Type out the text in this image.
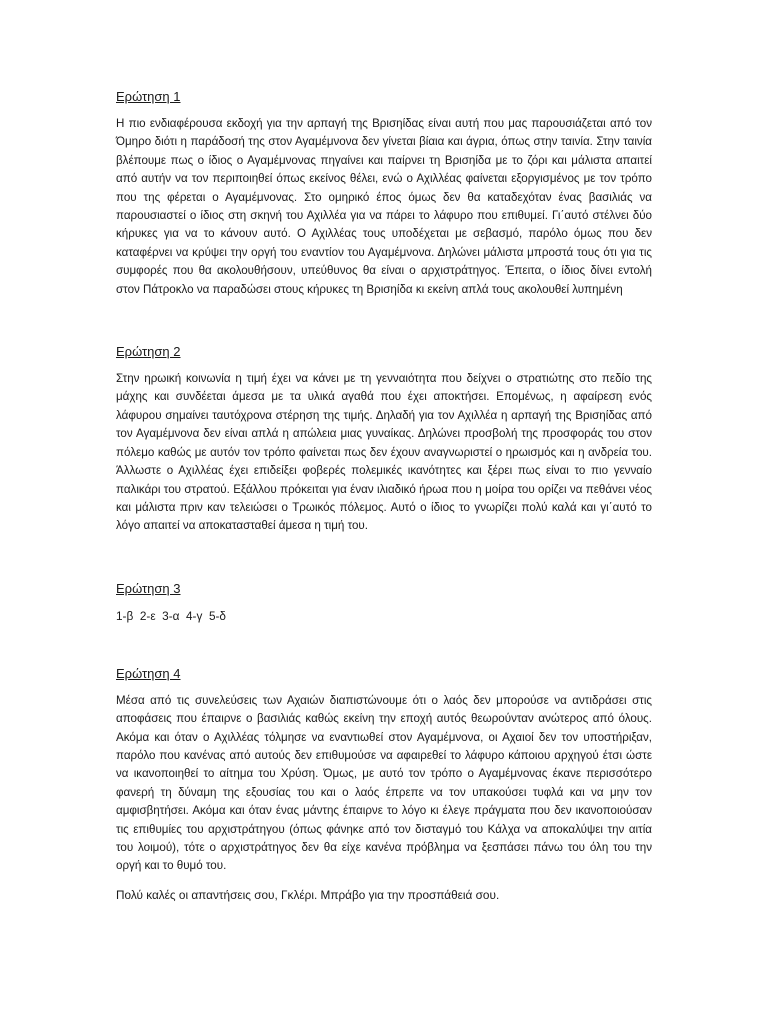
Ερώτηση 1

Η πιο ενδιαφέρουσα εκδοχή για την αρπαγή της Βρισηίδας είναι αυτή που μας παρουσιάζεται από τον Όμηρο διότι η παράδοσή της στον Αγαμέμνονα δεν γίνεται βίαια και άγρια, όπως στην ταινία. Στην ταινία βλέπουμε πως ο ίδιος ο Αγαμέμνονας πηγαίνει και παίρνει τη Βρισηίδα με το ζόρι και μάλιστα απαιτεί από αυτήν να τον περιποιηθεί όπως εκείνος θέλει, ενώ ο Αχιλλέας φαίνεται εξοργισμένος με τον τρόπο που της φέρεται ο Αγαμέμνονας. Στο ομηρικό έπος όμως δεν θα καταδεχόταν ένας βασιλιάς να παρουσιαστεί ο ίδιος στη σκηνή του Αχιλλέα για να πάρει το λάφυρο που επιθυμεί. Γι΄αυτό στέλνει δύο κήρυκες για να το κάνουν αυτό. Ο Αχιλλέας τους υποδέχεται με σεβασμό, παρόλο όμως που δεν καταφέρνει να κρύψει την οργή του εναντίον του Αγαμέμνονα. Δηλώνει μάλιστα μπροστά τους ότι για τις συμφορές που θα ακολουθήσουν, υπεύθυνος θα είναι ο αρχιστράτηγος. Έπειτα, ο ίδιος δίνει εντολή στον Πάτροκλο να παραδώσει στους κήρυκες τη Βρισηίδα κι εκείνη απλά τους ακολουθεί λυπημένη

Ερώτηση 2

Στην ηρωική κοινωνία η τιμή έχει να κάνει με τη γενναιότητα που δείχνει ο στρατιώτης στο πεδίο της μάχης και συνδέεται άμεσα με τα υλικά αγαθά που έχει αποκτήσει. Επομένως, η αφαίρεση ενός λάφυρου σημαίνει ταυτόχρονα στέρηση της τιμής. Δηλαδή για τον Αχιλλέα η αρπαγή της Βρισηίδας από τον Αγαμέμνονα δεν είναι απλά η απώλεια μιας γυναίκας. Δηλώνει προσβολή της προσφοράς του στον πόλεμο καθώς με αυτόν τον τρόπο φαίνεται πως δεν έχουν αναγνωριστεί ο ηρωισμός και η ανδρεία του. Άλλωστε ο Αχιλλέας έχει επιδείξει φοβερές πολεμικές ικανότητες και ξέρει πως είναι το πιο γενναίο παλικάρι του στρατού. Εξάλλου πρόκειται για έναν ιλιαδικό ήρωα που η μοίρα του ορίζει να πεθάνει νέος και μάλιστα πριν καν τελειώσει ο Τρωικός πόλεμος. Αυτό ο ίδιος το γνωρίζει πολύ καλά και γι΄αυτό το λόγο απαιτεί να αποκατασταθεί άμεσα η τιμή του.

Ερώτηση 3

1-β  2-ε  3-α  4-γ  5-δ

Ερώτηση 4

Μέσα από τις συνελεύσεις των Αχαιών διαπιστώνουμε ότι ο λαός δεν μπορούσε να αντιδράσει στις αποφάσεις που έπαιρνε ο βασιλιάς καθώς εκείνη την εποχή αυτός θεωρούνταν ανώτερος από όλους. Ακόμα και όταν ο Αχιλλέας τόλμησε να εναντιωθεί στον Αγαμέμνονα, οι Αχαιοί δεν τον υποστήριξαν, παρόλο που κανένας από αυτούς δεν επιθυμούσε να αφαιρεθεί το λάφυρο κάποιου αρχηγού έτσι ώστε να ικανοποιηθεί το αίτημα του Χρύση. Όμως, με αυτό τον τρόπο ο Αγαμέμνονας έκανε περισσότερο φανερή τη δύναμη της εξουσίας του και ο λαός έπρεπε να τον υπακούσει τυφλά και να μην τον αμφισβητήσει. Ακόμα και όταν ένας μάντης έπαιρνε το λόγο κι έλεγε πράγματα που δεν ικανοποιούσαν τις επιθυμίες του αρχιστράτηγου (όπως φάνηκε από τον δισταγμό του Κάλχα να αποκαλύψει την αιτία του λοιμού), τότε ο αρχιστράτηγος δεν θα είχε κανένα πρόβλημα να ξεσπάσει πάνω του όλη του την οργή και το θυμό του.

Πολύ καλές οι απαντήσεις σου, Γκλέρι. Μπράβο για την προσπάθειά σου.
